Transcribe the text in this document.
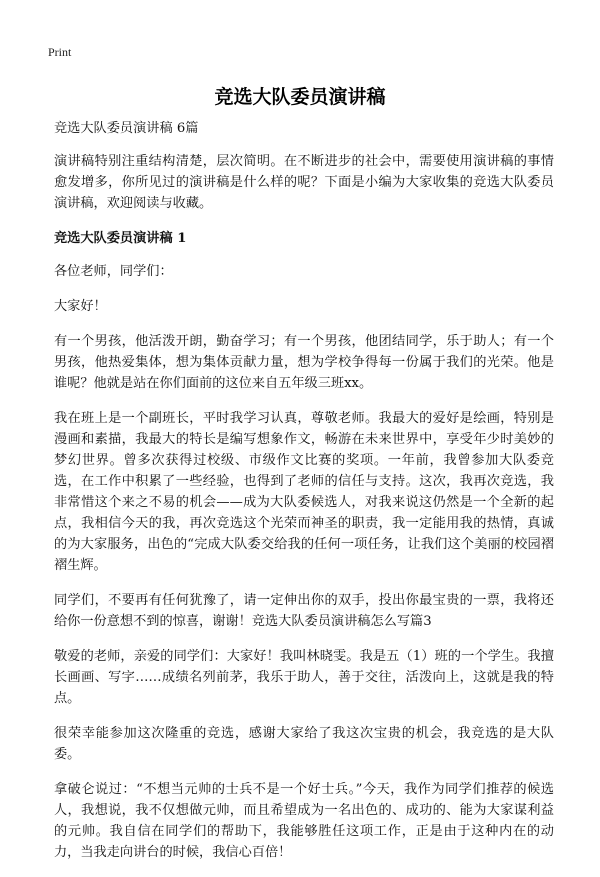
Print
竞选大队委员演讲稿

竞选大队委员演讲稿 6篇

演讲稿特别注重结构清楚，层次简明。在不断进步的社会中，需要使用演讲稿的事情愈发增多，你所见过的演讲稿是什么样的呢？下面是小编为大家收集的竞选大队委员演讲稿，欢迎阅读与收藏。

竞选大队委员演讲稿 1

各位老师，同学们：

大家好！

有一个男孩，他活泼开朗，勤奋学习；有一个男孩，他团结同学，乐于助人；有一个男孩，他热爱集体，想为集体贡献力量，想为学校争得每一份属于我们的光荣。他是谁呢？他就是站在你们面前的这位来自五年级三班xx。

我在班上是一个副班长，平时我学习认真，尊敬老师。我最大的爱好是绘画，特别是漫画和素描，我最大的特长是编写想象作文，畅游在未来世界中，享受年少时美妙的梦幻世界。曾多次获得过校级、市级作文比赛的奖项。一年前，我曾参加大队委竞选，在工作中积累了一些经验，也得到了老师的信任与支持。这次，我再次竞选，我非常惜这个来之不易的机会——成为大队委候选人，对我来说这仍然是一个全新的起点，我相信今天的我，再次竞选这个光荣而神圣的职责，我一定能用我的热情，真诚的为大家服务，出色的“完成大队委交给我的任何一项任务，让我们这个美丽的校园褶褶生辉。

同学们，不要再有任何犹豫了，请一定伸出你的双手，投出你最宝贵的一票，我将还给你一份意想不到的惊喜，谢谢！竞选大队委员演讲稿怎么写篇3

敬爱的老师，亲爱的同学们：大家好！我叫林晓雯。我是五（1）班的一个学生。我擅长画画、写字……成绩名列前茅，我乐于助人，善于交往，活泼向上，这就是我的特点。

很荣幸能参加这次隆重的竞选，感谢大家给了我这次宝贵的机会，我竞选的是大队委。

拿破仑说过：“不想当元帅的士兵不是一个好士兵。”今天，我作为同学们推荐的候选人，我想说，我不仅想做元帅，而且希望成为一名出色的、成功的、能为大家谋利益的元帅。我自信在同学们的帮助下，我能够胜任这项工作，正是由于这种内在的动力，当我走向讲台的时候，我信心百倍！
